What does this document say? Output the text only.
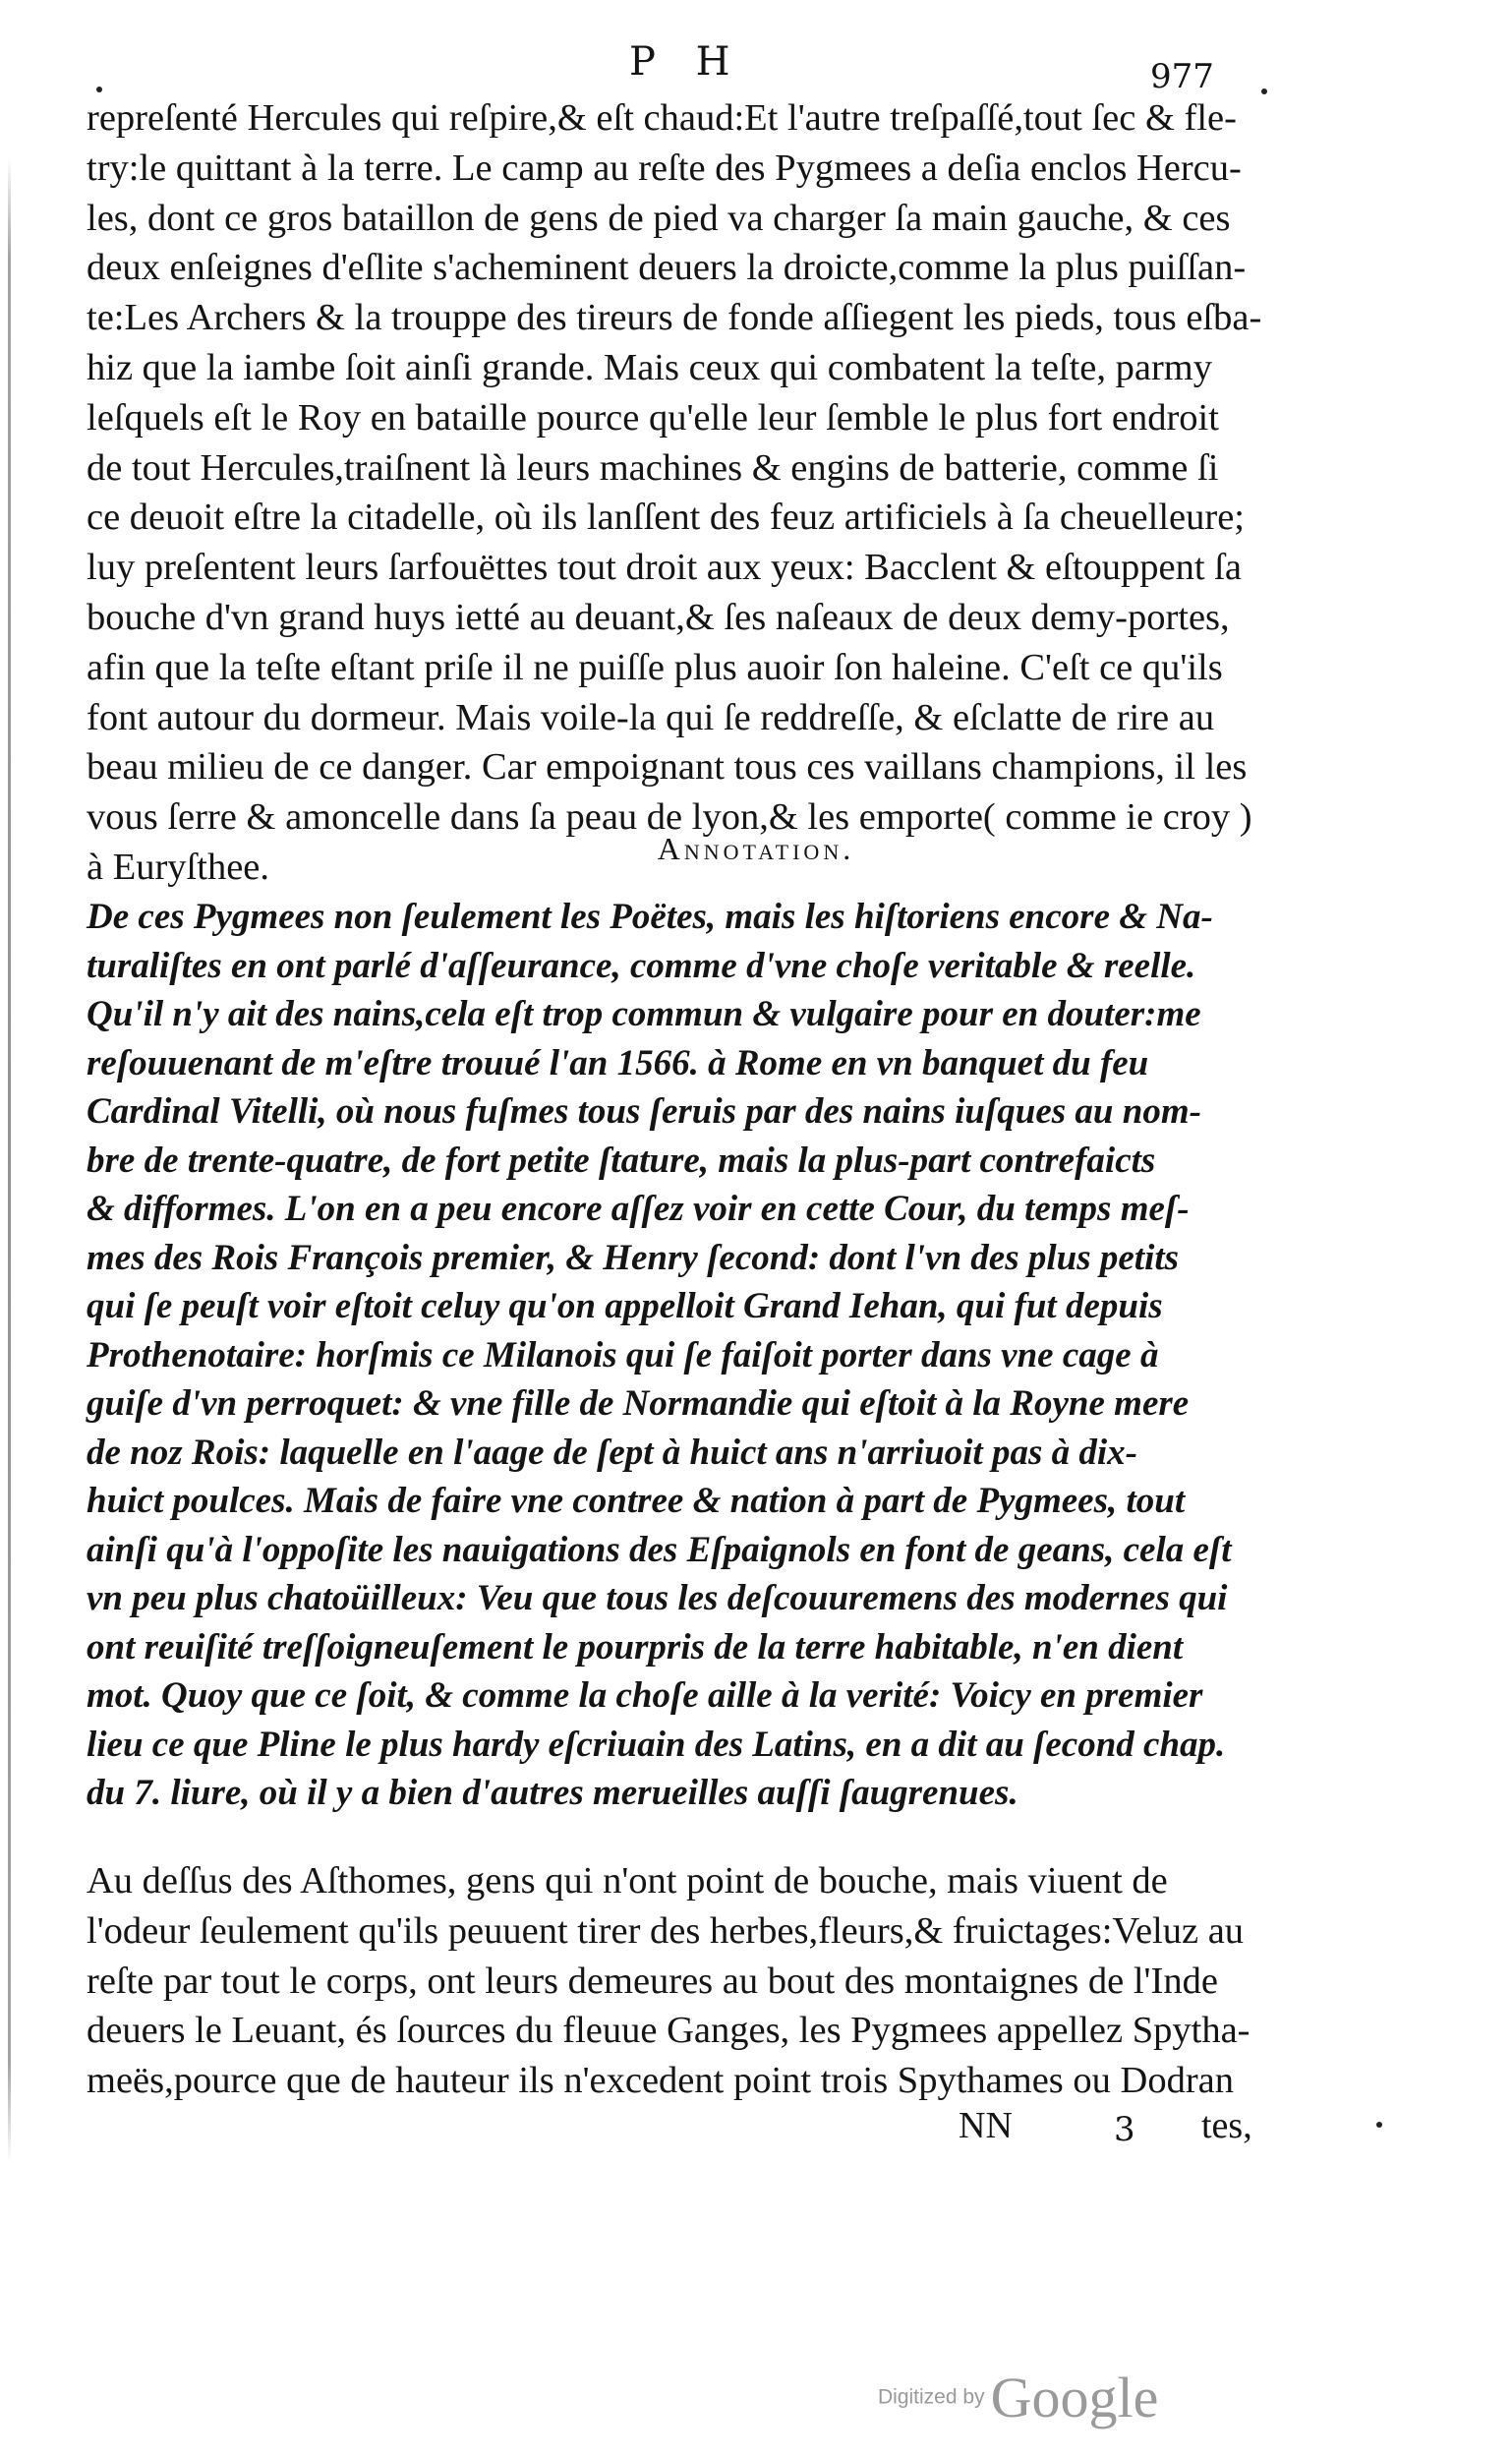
P H	977

repreſenté Hercules qui reſpire,& eſt chaud:Et l'autre treſpaſſé,tout ſec & fle-
try:le quittant à la terre. Le camp au reſte des Pygmees a deſia enclos Hercu-
les, dont ce gros bataillon de gens de pied va charger ſa main gauche, & ces
deux enſeignes d'eſlite s'acheminent deuers la droicte,comme la plus puiſſan-
te:Les Archers & la trouppe des tireurs de fonde aſſiegent les pieds, tous eſba-
hiz que la iambe ſoit ainſi grande. Mais ceux qui combatent la teſte, parmy
leſquels eſt le Roy en bataille pource qu'elle leur ſemble le plus fort endroit
de tout Hercules,traiſnent là leurs machines & engins de batterie, comme ſi
ce deuoit eſtre la citadelle, où ils lanſſent des feuz artificiels à ſa cheuelleure;
luy preſentent leurs ſarfouëttes tout droit aux yeux: Bacclent & eſtouppent ſa
bouche d'vn grand huys ietté au deuant,& ſes naſeaux de deux demy-portes,
afin que la teſte eſtant priſe il ne puiſſe plus auoir ſon haleine. C'eſt ce qu'ils
font autour du dormeur. Mais voile-la qui ſe reddreſſe, & eſclatte de rire au
beau milieu de ce danger. Car empoignant tous ces vaillans champions, il les
vous ſerre & amoncelle dans ſa peau de lyon,& les emporte( comme ie croy )
à Euryſthee.	Annotation.

De ces Pygmees non ſeulement les Poëtes, mais les hiſtoriens encore & Na-
turaliſtes en ont parlé d'aſſeurance, comme d'vne choſe veritable & reelle.
Qu'il n'y ait des nains,cela eſt trop commun & vulgaire pour en douter:me
reſouuenant de m'eſtre trouué l'an 1566. à Rome en vn banquet du feu
Cardinal Vitelli, où nous fuſmes tous ſeruis par des nains iuſques au nom-
bre de trente-quatre, de fort petite ſtature, mais la plus-part contrefaicts
& difformes. L'on en a peu encore aſſez voir en cette Cour, du temps meſ-
mes des Rois François premier, & Henry ſecond: dont l'vn des plus petits
qui ſe peuſt voir eſtoit celuy qu'on appelloit Grand Iehan, qui fut depuis
Prothenotaire: horſmis ce Milanois qui ſe faiſoit porter dans vne cage à
guiſe d'vn perroquet: & vne fille de Normandie qui eſtoit à la Royne mere
de noz Rois: laquelle en l'aage de ſept à huict ans n'arriuoit pas à dix-
huict poulces. Mais de faire vne contree & nation à part de Pygmees, tout
ainſi qu'à l'oppoſite les nauigations des Eſpaignols en font de geans, cela eſt
vn peu plus chatoüilleux: Veu que tous les deſcouuremens des modernes qui
ont reuiſité treſſoigneuſement le pourpris de la terre habitable, n'en dient
mot. Quoy que ce ſoit, & comme la choſe aille à la verité: Voicy en premier
lieu ce que Pline le plus hardy eſcriuain des Latins, en a dit au ſecond chap.
du 7. liure, où il y a bien d'autres merueilles auſſi ſaugrenues.

Au deſſus des Aſthomes, gens qui n'ont point de bouche, mais viuent de
l'odeur ſeulement qu'ils peuuent tirer des herbes,fleurs,& fruictages:Veluz au
reſte par tout le corps, ont leurs demeures au bout des montaignes de l'Inde
deuers le Leuant, és ſources du fleuue Ganges, les Pygmees appellez Spytha-
meës,pource que de hauteur ils n'excedent point trois Spythames ou Dodran

NN	3 tes,
Digitized by Google
